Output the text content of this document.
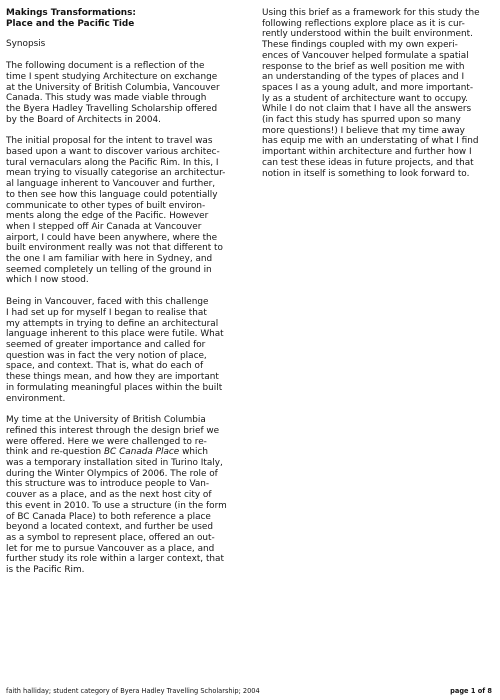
Makings Transformations:
Place and the Pacific Tide
Synopsis
The following document is a reflection of the
time I spent studying Architecture on exchange
at the University of British Columbia, Vancouver
Canada. This study was made viable through
the Byera Hadley Travelling Scholarship offered
by the Board of Architects in 2004.
The initial proposal for the intent to travel was
based upon a want to discover various architec-
tural vernaculars along the Pacific Rim. In this, I
mean trying to visually categorise an architectur-
al language inherent to Vancouver and further,
to then see how this language could potentially
communicate to other types of built environ-
ments along the edge of the Pacific. However
when I stepped off Air Canada at Vancouver
airport, I could have been anywhere, where the
built environment really was not that different to
the one I am familiar with here in Sydney, and
seemed completely un telling of the ground in
which I now stood.
Being in Vancouver, faced with this challenge
I had set up for myself I began to realise that
my attempts in trying to define an architectural
language inherent to this place were futile. What
seemed of greater importance and called for
question was in fact the very notion of place,
space, and context. That is, what do each of
these things mean, and how they are important
in formulating meaningful places within the built
environment.
My time at the University of British Columbia
refined this interest through the design brief we
were offered. Here we were challenged to re-
think and re-question BC Canada Place which
was a temporary installation sited in Turino Italy,
during the Winter Olympics of 2006. The role of
this structure was to introduce people to Van-
couver as a place, and as the next host city of
this event in 2010. To use a structure (in the form
of BC Canada Place) to both reference a place
beyond a located context, and further be used
as a symbol to represent place, offered an out-
let for me to pursue Vancouver as a place, and
further study its role within a larger context, that
is the Pacific Rim.
Using this brief as a framework for this study the
following reflections explore place as it is cur-
rently understood within the built environment.
These findings coupled with my own experi-
ences of Vancouver helped formulate a spatial
response to the brief as well position me with
an understanding of the types of places and I
spaces I as a young adult, and more important-
ly as a student of architecture want to occupy.
While I do not claim that I have all the answers
(in fact this study has spurred upon so many
more questions!) I believe that my time away
has equip me with an understating of what I find
important within architecture and further how I
can test these ideas in future projects, and that
notion in itself is something to look forward to.
faith halliday; student category of Byera Hadley Travelling Scholarship; 2004	page 1 of 8
